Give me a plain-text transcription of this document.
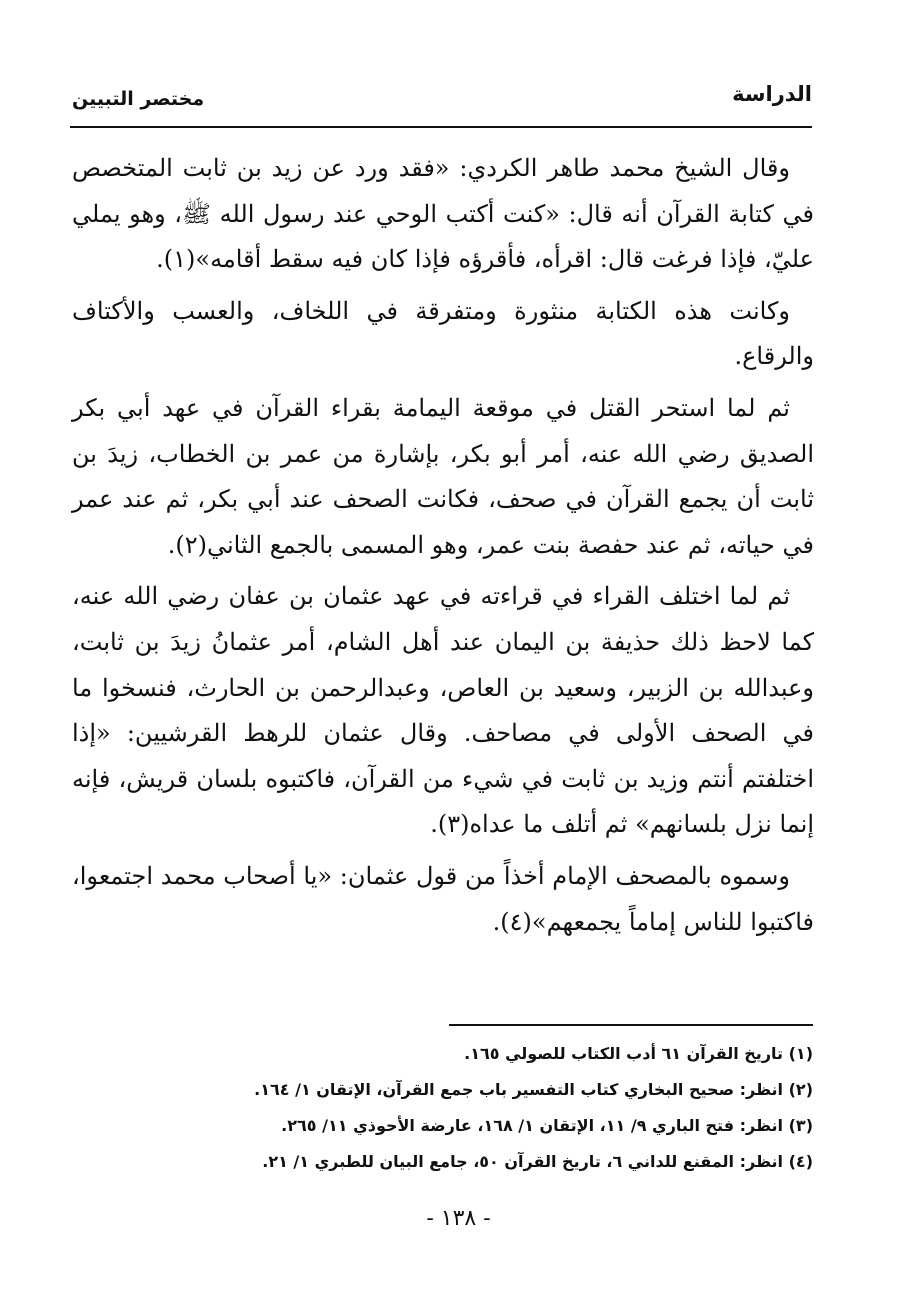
الدراسة
مختصر التبيين

وقال الشيخ محمد طاهر الكردي: «فقد ورد عن زيد بن ثابت المتخصص في كتابة القرآن أنه قال: «كنت أكتب الوحي عند رسول الله ﷺ، وهو يملي عليّ، فإذا فرغت قال: اقرأه، فأقرؤه فإذا كان فيه سقط أقامه»(١).

وكانت هذه الكتابة منثورة ومتفرقة في اللخاف، والعسب والأكتاف والرقاع.

ثم لما استحر القتل في موقعة اليمامة بقراء القرآن في عهد أبي بكر الصديق رضي الله عنه، أمر أبو بكر، بإشارة من عمر بن الخطاب، زيدَ بن ثابت أن يجمع القرآن في صحف، فكانت الصحف عند أبي بكر، ثم عند عمر في حياته، ثم عند حفصة بنت عمر، وهو المسمى بالجمع الثاني(٢).

ثم لما اختلف القراء في قراءته في عهد عثمان بن عفان رضي الله عنه، كما لاحظ ذلك حذيفة بن اليمان عند أهل الشام، أمر عثمانُ زيدَ بن ثابت، وعبدالله بن الزبير، وسعيد بن العاص، وعبدالرحمن بن الحارث، فنسخوا ما في الصحف الأولى في مصاحف. وقال عثمان للرهط القرشيين: «إذا اختلفتم أنتم وزيد بن ثابت في شيء من القرآن، فاكتبوه بلسان قريش، فإنه إنما نزل بلسانهم» ثم أتلف ما عداه(٣).

وسموه بالمصحف الإمام أخذاً من قول عثمان: «يا أصحاب محمد اجتمعوا، فاكتبوا للناس إماماً يجمعهم»(٤).

(١) تاريخ القرآن ٦١ أدب الكتاب للصولي ١٦٥.
(٢) انظر: صحيح البخاري كتاب التفسير باب جمع القرآن، الإتقان ١/ ١٦٤.
(٣) انظر: فتح الباري ٩/ ١١، الإتقان ١/ ١٦٨، عارضة الأحوذي ١١/ ٢٦٥.
(٤) انظر: المقنع للداني ٦، تاريخ القرآن ٥٠، جامع البيان للطبري ١/ ٢١.
- ١٣٨ -
